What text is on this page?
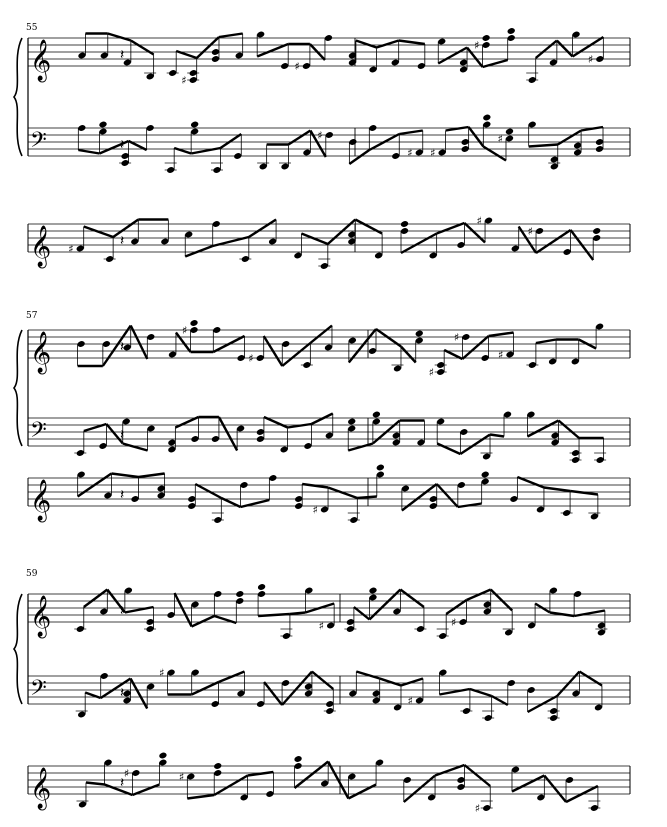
55
𝄞	♯
♯
♯
♯
𝄽
𝄢	♯
♯ ♯
♯
𝄽
𝄞 ♯
♯
♯
𝄽
57
𝄞
♯
♯
♯
♯
♯
𝄽
𝄢	𝄽
𝄞	♯
𝄽
59
𝄞	♯	♯
𝄽
𝄢
♯
♯
𝄽
𝄞	♯	♯
♯
𝄽
